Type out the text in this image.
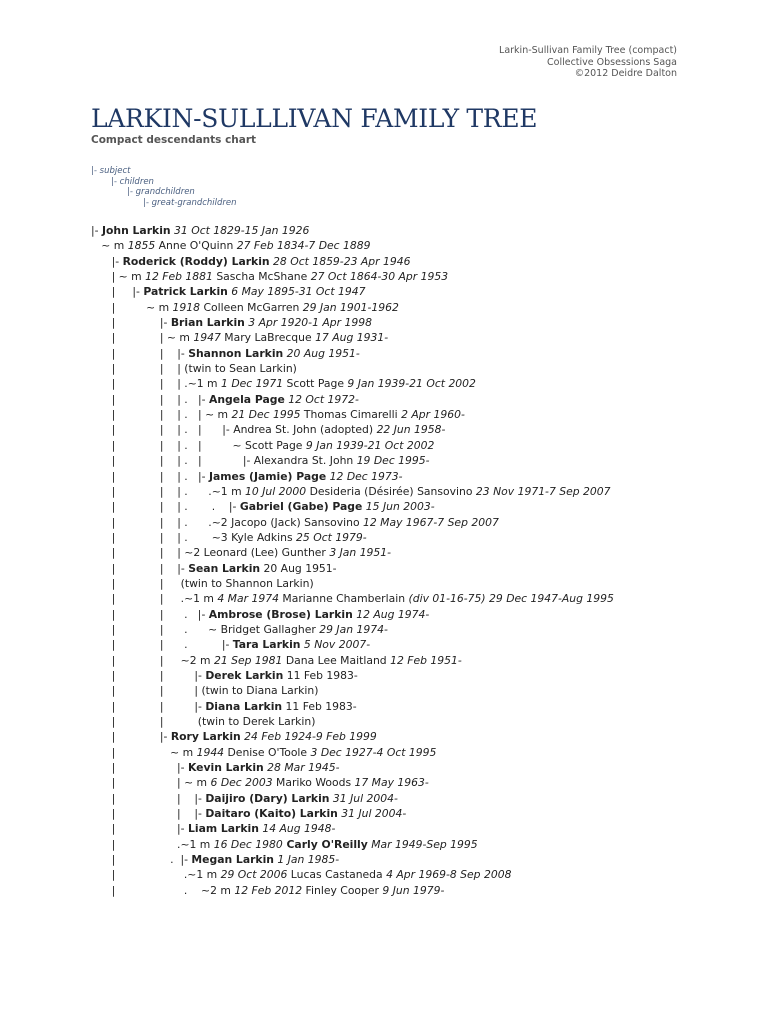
Larkin-Sullivan Family Tree (compact)
Collective Obsessions Saga
©2012 Deidre Dalton
LARKIN-SULLLIVAN FAMILY TREE
Compact descendants chart
|- subject
|- children
|- grandchildren
|- great-grandchildren
|- John Larkin 31 Oct 1829-15 Jan 1926
~ m 1855 Anne O'Quinn 27 Feb 1834-7 Dec 1889
|- Roderick (Roddy) Larkin 28 Oct 1859-23 Apr 1946
| ~ m 12 Feb 1881 Sascha McShane 27 Oct 1864-30 Apr 1953
|     |- Patrick Larkin 6 May 1895-31 Oct 1947
|         ~ m 1918 Colleen McGarren 29 Jan 1901-1962
|             |- Brian Larkin 3 Apr 1920-1 Apr 1998
|             | ~ m 1947 Mary LaBrecque 17 Aug 1931-
|             |    |- Shannon Larkin 20 Aug 1951-
|             |    | (twin to Sean Larkin)
|             |    | .~1 m 1 Dec 1971 Scott Page 9 Jan 1939-21 Oct 2002
|             |    | .   |- Angela Page 12 Oct 1972-
|             |    | .   | ~ m 21 Dec 1995 Thomas Cimarelli 2 Apr 1960-
|             |    | .   |      |- Andrea St. John (adopted) 22 Jun 1958-
|             |    | .   |         ~ Scott Page 9 Jan 1939-21 Oct 2002
|             |    | .   |            |- Alexandra St. John 19 Dec 1995-
|             |    | .   |- James (Jamie) Page 12 Dec 1973-
|             |    | .      .~1 m 10 Jul 2000 Desideria (Désirée) Sansovino 23 Nov 1971-7 Sep 2007
|             |    | .       .    |- Gabriel (Gabe) Page 15 Jun 2003-
|             |    | .      .~2 Jacopo (Jack) Sansovino 12 May 1967-7 Sep 2007
|             |    | .       ~3 Kyle Adkins 25 Oct 1979-
|             |    | ~2 Leonard (Lee) Gunther 3 Jan 1951-
|             |    |- Sean Larkin 20 Aug 1951-
|             |     (twin to Shannon Larkin)
|             |     .~1 m 4 Mar 1974 Marianne Chamberlain (div 01-16-75) 29 Dec 1947-Aug 1995
|             |      .   |- Ambrose (Brose) Larkin 12 Aug 1974-
|             |      .      ~ Bridget Gallagher 29 Jan 1974-
|             |      .          |- Tara Larkin 5 Nov 2007-
|             |     ~2 m 21 Sep 1981 Dana Lee Maitland 12 Feb 1951-
|             |         |- Derek Larkin 11 Feb 1983-
|             |         | (twin to Diana Larkin)
|             |         |- Diana Larkin 11 Feb 1983-
|             |          (twin to Derek Larkin)
|             |- Rory Larkin 24 Feb 1924-9 Feb 1999
|                ~ m 1944 Denise O'Toole 3 Dec 1927-4 Oct 1995
|                  |- Kevin Larkin 28 Mar 1945-
|                  | ~ m 6 Dec 2003 Mariko Woods 17 May 1963-
|                  |    |- Daijiro (Dary) Larkin 31 Jul 2004-
|                  |    |- Daitaro (Kaito) Larkin 31 Jul 2004-
|                  |- Liam Larkin 14 Aug 1948-
|                  .~1 m 16 Dec 1980 Carly O'Reilly Mar 1949-Sep 1995
|                .  |- Megan Larkin 1 Jan 1985-
|                    .~1 m 29 Oct 2006 Lucas Castaneda 4 Apr 1969-8 Sep 2008
|                    .    ~2 m 12 Feb 2012 Finley Cooper 9 Jun 1979-
